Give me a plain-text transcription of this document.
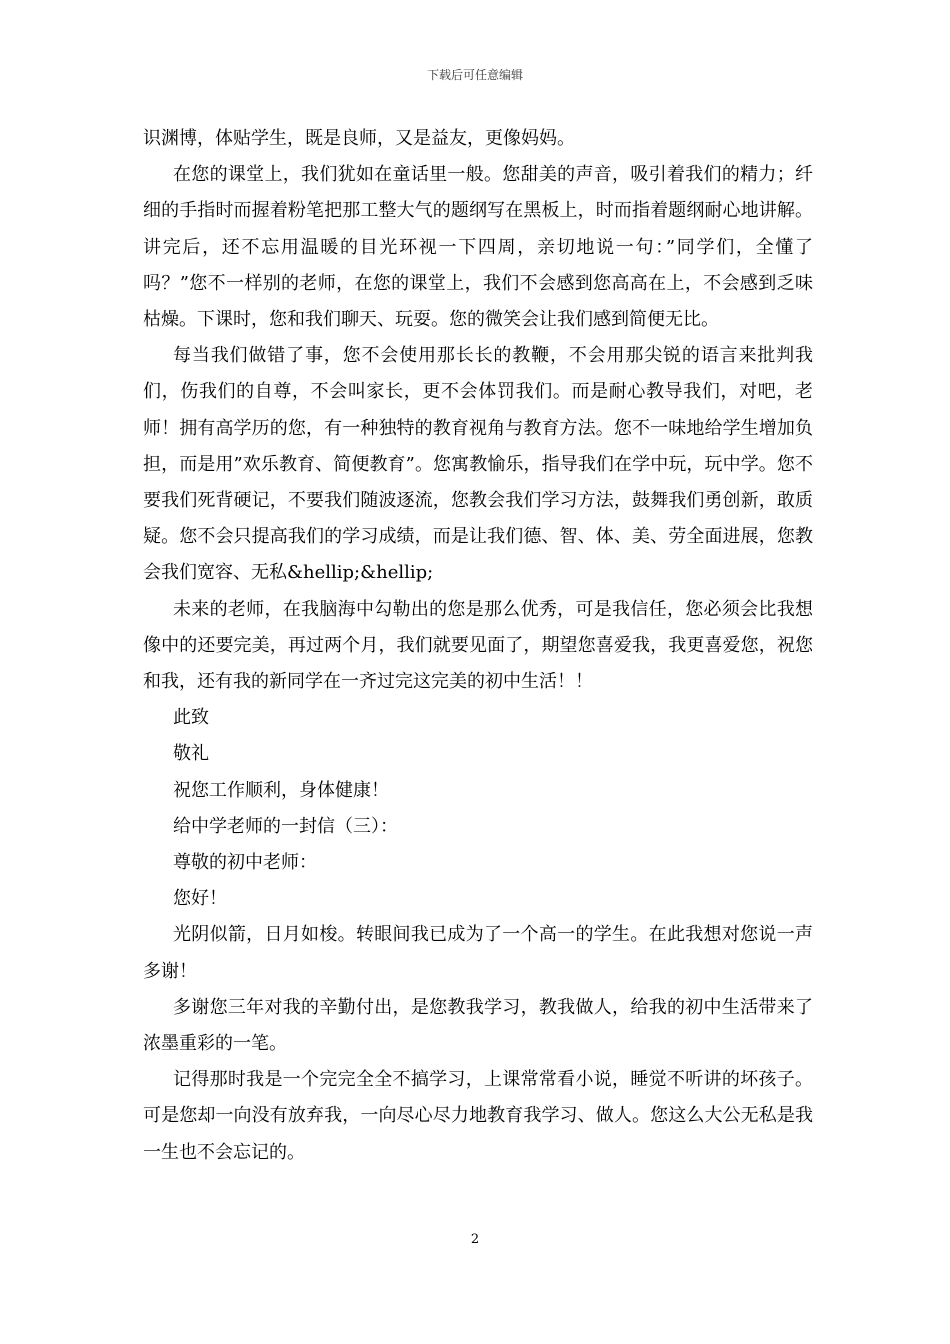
下载后可任意编辑

识渊博，体贴学生，既是良师，又是益友，更像妈妈。

在您的课堂上，我们犹如在童话里一般。您甜美的声音，吸引着我们的精力；纤细的手指时而握着粉笔把那工整大气的题纲写在黑板上，时而指着题纲耐心地讲解。讲完后，还不忘用温暖的目光环视一下四周，亲切地说一句：”同学们，全懂了吗？”您不一样别的老师，在您的课堂上，我们不会感到您高高在上，不会感到乏味枯燥。下课时，您和我们聊天、玩耍。您的微笑会让我们感到简便无比。

每当我们做错了事，您不会使用那长长的教鞭，不会用那尖锐的语言来批判我们，伤我们的自尊，不会叫家长，更不会体罚我们。而是耐心教导我们，对吧，老师！拥有高学历的您，有一种独特的教育视角与教育方法。您不一味地给学生增加负担，而是用”欢乐教育、简便教育”。您寓教愉乐，指导我们在学中玩，玩中学。您不要我们死背硬记，不要我们随波逐流，您教会我们学习方法，鼓舞我们勇创新，敢质疑。您不会只提高我们的学习成绩，而是让我们德、智、体、美、劳全面进展，您教会我们宽容、无私&hellip;&hellip;

未来的老师，在我脑海中勾勒出的您是那么优秀，可是我信任，您必须会比我想像中的还要完美，再过两个月，我们就要见面了，期望您喜爱我，我更喜爱您，祝您和我，还有我的新同学在一齐过完这完美的初中生活！！

此致

敬礼

祝您工作顺利，身体健康！

给中学老师的一封信（三）：

尊敬的初中老师：

您好！

光阴似箭，日月如梭。转眼间我已成为了一个高一的学生。在此我想对您说一声多谢！

多谢您三年对我的辛勤付出，是您教我学习，教我做人，给我的初中生活带来了浓墨重彩的一笔。

记得那时我是一个完完全全不搞学习，上课常常看小说，睡觉不听讲的坏孩子。可是您却一向没有放弃我，一向尽心尽力地教育我学习、做人。您这么大公无私是我一生也不会忘记的。

2
